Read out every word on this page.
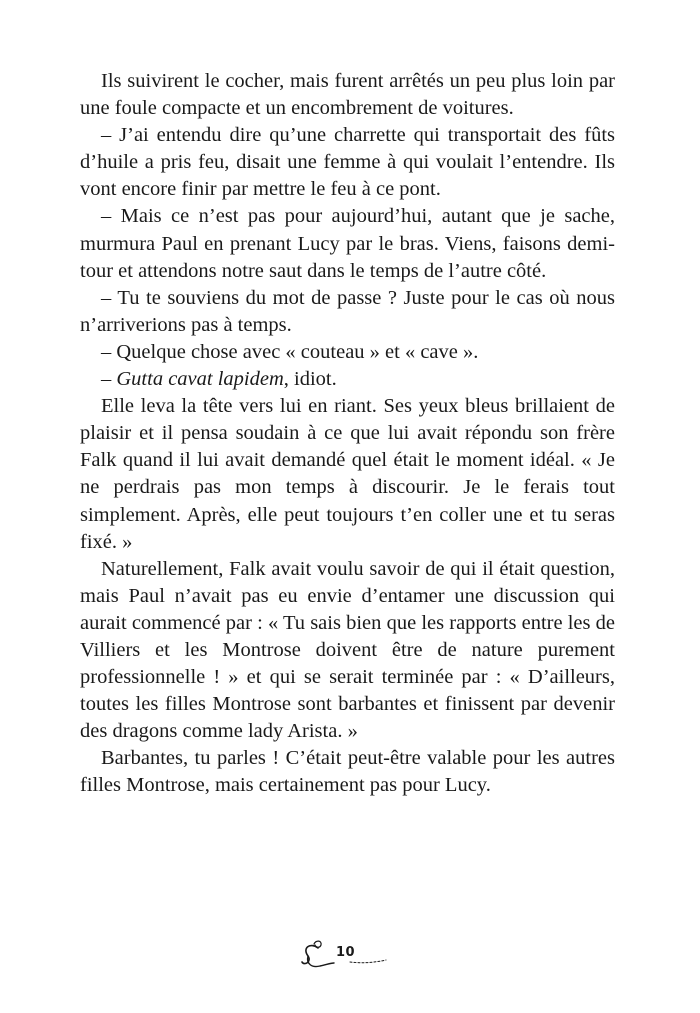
Ils suivirent le cocher, mais furent arrêtés un peu plus loin par une foule compacte et un encombrement de voitures.

– J’ai entendu dire qu’une charrette qui transportait des fûts d’huile a pris feu, disait une femme à qui voulait l’entendre. Ils vont encore finir par mettre le feu à ce pont.

– Mais ce n’est pas pour aujourd’hui, autant que je sache, murmura Paul en prenant Lucy par le bras. Viens, faisons demi-tour et attendons notre saut dans le temps de l’autre côté.

– Tu te souviens du mot de passe ? Juste pour le cas où nous n’arriverions pas à temps.

– Quelque chose avec « couteau » et « cave ».

– Gutta cavat lapidem, idiot.

Elle leva la tête vers lui en riant. Ses yeux bleus brillaient de plaisir et il pensa soudain à ce que lui avait répondu son frère Falk quand il lui avait demandé quel était le moment idéal. « Je ne perdrais pas mon temps à discourir. Je le ferais tout simplement. Après, elle peut toujours t’en coller une et tu seras fixé. »

Naturellement, Falk avait voulu savoir de qui il était question, mais Paul n’avait pas eu envie d’entamer une discussion qui aurait commencé par : « Tu sais bien que les rapports entre les de Villiers et les Montrose doivent être de nature purement professionnelle ! » et qui se serait terminée par : « D’ailleurs, toutes les filles Montrose sont barbantes et finissent par devenir des dragons comme lady Arista. »

Barbantes, tu parles ! C’était peut-être valable pour les autres filles Montrose, mais certainement pas pour Lucy.

10
